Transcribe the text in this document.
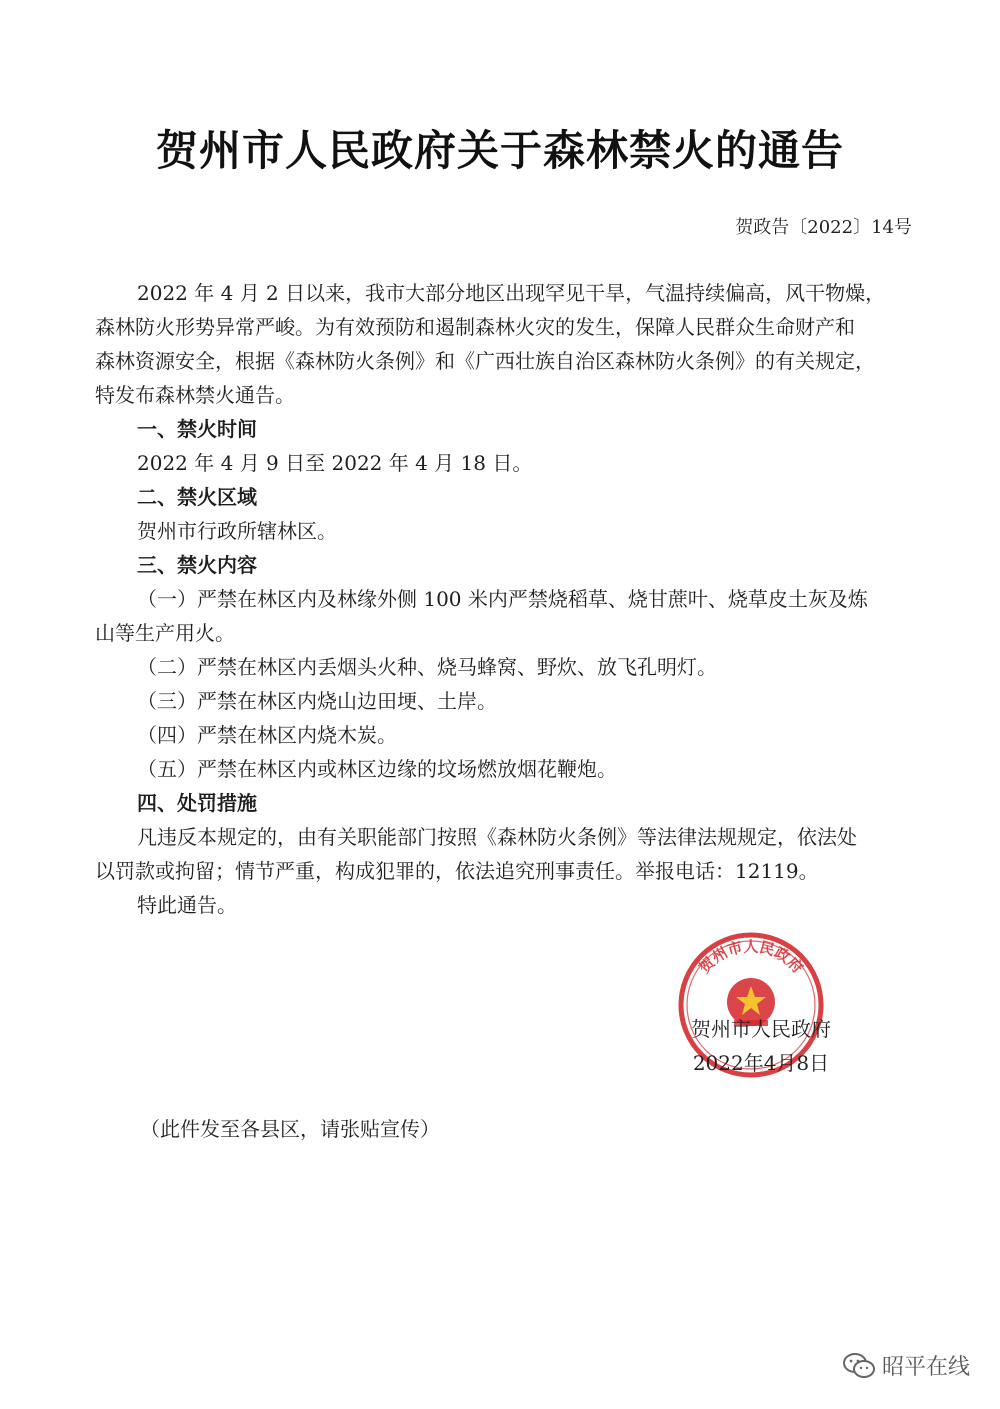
贺州市人民政府关于森林禁火的通告
贺政告〔2022〕14号
2022 年 4 月 2 日以来，我市大部分地区出现罕见干旱，气温持续偏高，风干物燥，
森林防火形势异常严峻。为有效预防和遏制森林火灾的发生，保障人民群众生命财产和
森林资源安全，根据《森林防火条例》和《广西壮族自治区森林防火条例》的有关规定，
特发布森林禁火通告。
一、禁火时间
2022 年 4 月 9 日至 2022 年 4 月 18 日。
二、禁火区域
贺州市行政所辖林区。
三、禁火内容
（一）严禁在林区内及林缘外侧 100 米内严禁烧稻草、烧甘蔗叶、烧草皮土灰及炼
山等生产用火。
（二）严禁在林区内丢烟头火种、烧马蜂窝、野炊、放飞孔明灯。
（三）严禁在林区内烧山边田埂、土岸。
（四）严禁在林区内烧木炭。
（五）严禁在林区内或林区边缘的坟场燃放烟花鞭炮。
四、处罚措施
凡违反本规定的，由有关职能部门按照《森林防火条例》等法律法规规定，依法处
以罚款或拘留；情节严重，构成犯罪的，依法追究刑事责任。举报电话：12119。
特此通告。
贺州市人民政府
贺州市人民政府
2022年4月8日
（此件发至各县区，请张贴宣传）
昭平在线
